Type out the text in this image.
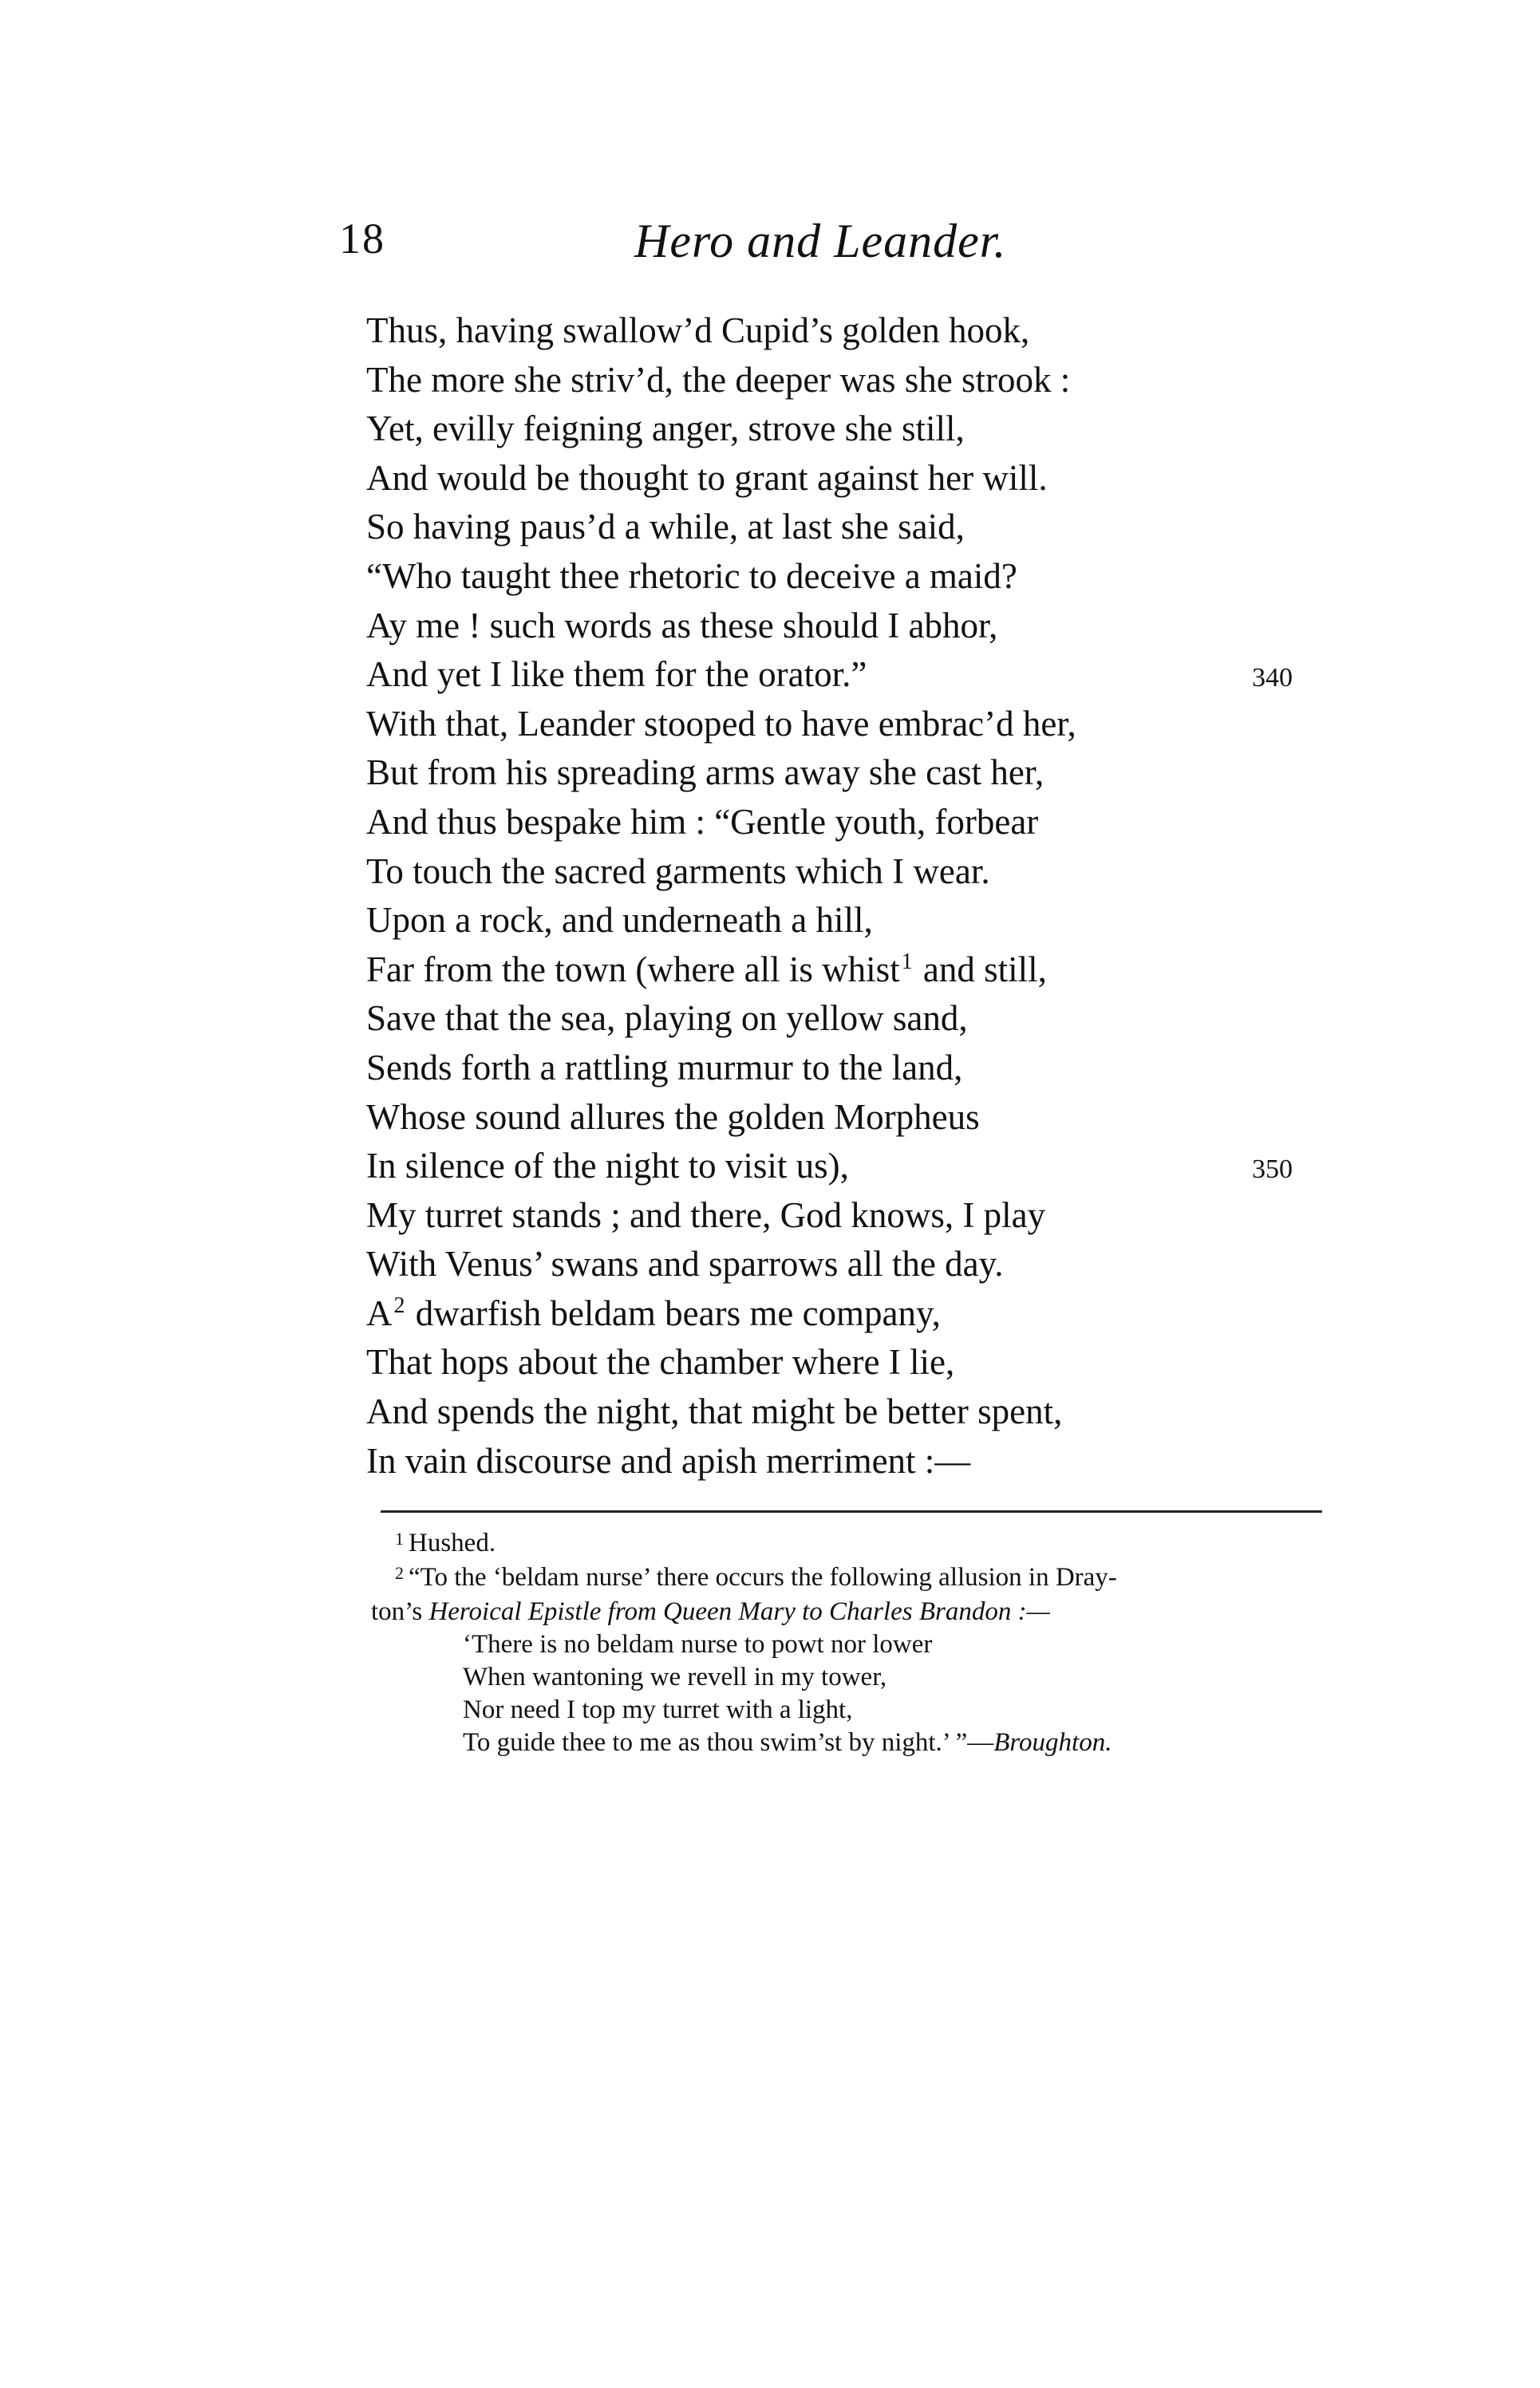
18	Hero and Leander.
Thus, having swallow’d Cupid’s golden hook,
The more she striv’d, the deeper was she strook :
Yet, evilly feigning anger, strove she still,
And would be thought to grant against her will.
So having paus’d a while, at last she said,
“Who taught thee rhetoric to deceive a maid?
Ay me ! such words as these should I abhor,
And yet I like them for the orator.”	340
With that, Leander stooped to have embrac’d her,
But from his spreading arms away she cast her,
And thus bespake him : “Gentle youth, forbear
To touch the sacred garments which I wear.
Upon a rock, and underneath a hill,
Far from the town (where all is whist$^1$ and still,
Save that the sea, playing on yellow sand,
Sends forth a rattling murmur to the land,
Whose sound allures the golden Morpheus
In silence of the night to visit us),	350
My turret stands ; and there, God knows, I play
With Venus’ swans and sparrows all the day.
A$^2$ dwarfish beldam bears me company,
That hops about the chamber where I lie,
And spends the night, that might be better spent,
In vain discourse and apish merriment :—
$^1$ Hushed.
$^2$ “To the ‘beldam nurse’ there occurs the following allusion in Dray-
ton’s Heroical Epistle from Queen Mary to Charles Brandon :—
‘There is no beldam nurse to powt nor lower
When wantoning we revell in my tower,
Nor need I top my turret with a light,
To guide thee to me as thou swim’st by night.’ ”—Broughton.
